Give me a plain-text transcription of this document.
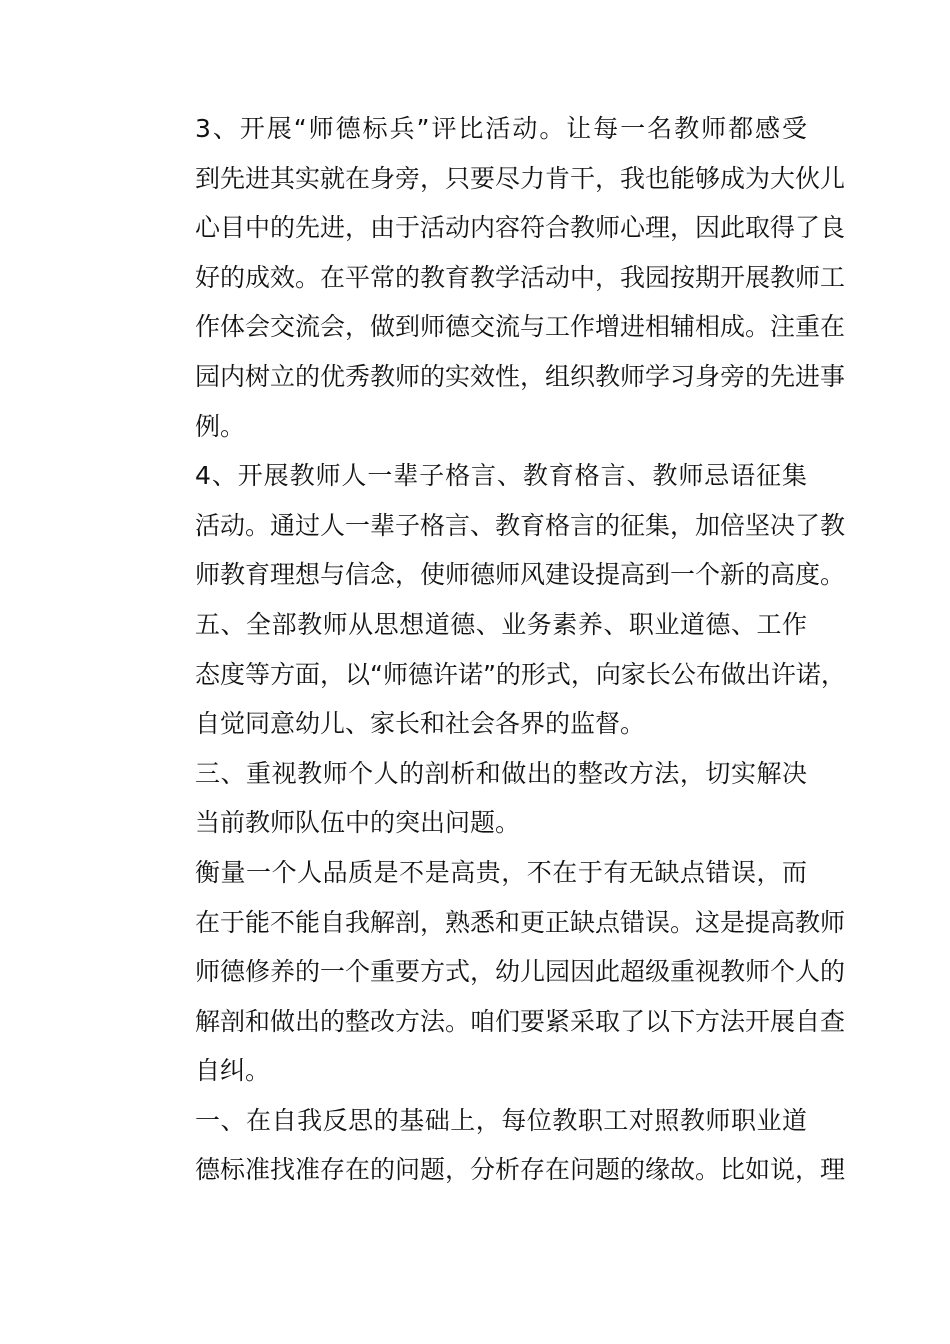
3、开展“师德标兵”评比活动。让每一名教师都感受
到先进其实就在身旁，只要尽力肯干，我也能够成为大伙儿
心目中的先进，由于活动内容符合教师心理，因此取得了良
好的成效。在平常的教育教学活动中，我园按期开展教师工
作体会交流会，做到师德交流与工作增进相辅相成。注重在
园内树立的优秀教师的实效性，组织教师学习身旁的先进事
例。

4、开展教师人一辈子格言、教育格言、教师忌语征集
活动。通过人一辈子格言、教育格言的征集，加倍坚决了教
师教育理想与信念，使师德师风建设提高到一个新的高度。

五、全部教师从思想道德、业务素养、职业道德、工作
态度等方面，以“师德许诺”的形式，向家长公布做出许诺，
自觉同意幼儿、家长和社会各界的监督。

三、重视教师个人的剖析和做出的整改方法，切实解决
当前教师队伍中的突出问题。

衡量一个人品质是不是高贵，不在于有无缺点错误，而
在于能不能自我解剖，熟悉和更正缺点错误。这是提高教师
师德修养的一个重要方式，幼儿园因此超级重视教师个人的
解剖和做出的整改方法。咱们要紧采取了以下方法开展自查
自纠。

一、在自我反思的基础上，每位教职工对照教师职业道
德标准找准存在的问题，分析存在问题的缘故。比如说，理
